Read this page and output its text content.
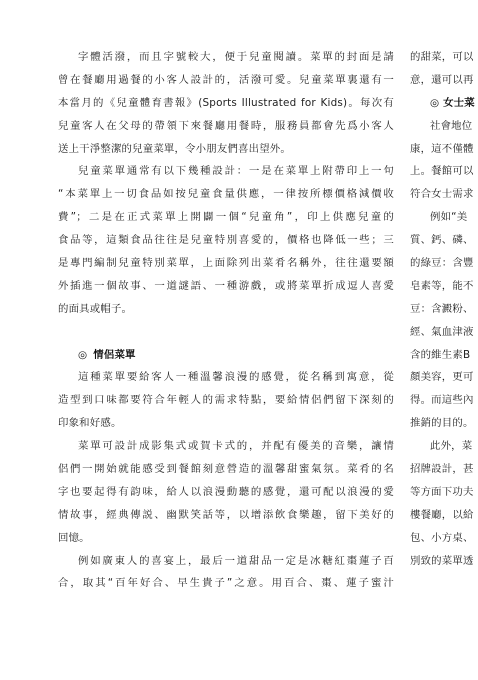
字體活潑，而且字號較大，便于兒童閱讀。菜單的封面是請
曾在餐廳用過餐的小客人設計的，活潑可愛。兒童菜單裏還有一
本當月的《兒童體育書報》(Sports Illustrated for Kids)。每次有
兒童客人在父母的帶領下來餐廳用餐時，服務員都會先爲小客人
送上干淨整潔的兒童菜單，令小朋友們喜出望外。
兒童菜單通常有以下幾種設計：一是在菜單上附帶印上一句
“本菜單上一切食品如按兒童食量供應，一律按所標價格減價收
費”；二是在正式菜單上開闢一個“兒童角”，印上供應兒童的
食品等，這類食品往往是兒童特別喜愛的，價格也降低一些；三
是專門編制兒童特別菜單，上面除列出菜肴名稱外，往往還要額
外插進一個故事、一道謎語、一種游戲，或將菜單折成逗人喜愛
的面具或帽子。
◎ 情侶菜單
這種菜單要給客人一種溫馨浪漫的感覺，從名稱到寓意，從
造型到口味都要符合年輕人的需求特點，要給情侶們留下深刻的
印象和好感。
菜單可設計成影集式或賀卡式的，并配有優美的音樂，讓情
侶們一開始就能感受到餐館刻意營造的溫馨甜蜜氣氛。菜肴的名
字也要起得有韵味，給人以浪漫動聽的感覺，還可配以浪漫的愛
情故事，經典傳説、幽默笑話等，以增添飲食樂趣，留下美好的
回憶。
例如廣東人的喜宴上，最后一道甜品一定是冰糖紅棗蓮子百
合，取其“百年好合、早生貴子”之意。用百合、棗、蓮子蜜汁
的甜菜，可以
意，還可以再
◎ 女士菜
社會地位
康，這不僅體
上。餐館可以
符合女士需求
例如“美
質、鈣、磷、
的綠豆：含豐
皂素等，能不
豆：含澱粉、
經、氣血津液
含的維生素B
顏美容，更可
得。而這些內
推銷的目的。
此外，菜
招牌設計，甚
等方面下功夫
樓餐廳，以給
包、小方桌、
別致的菜單透
